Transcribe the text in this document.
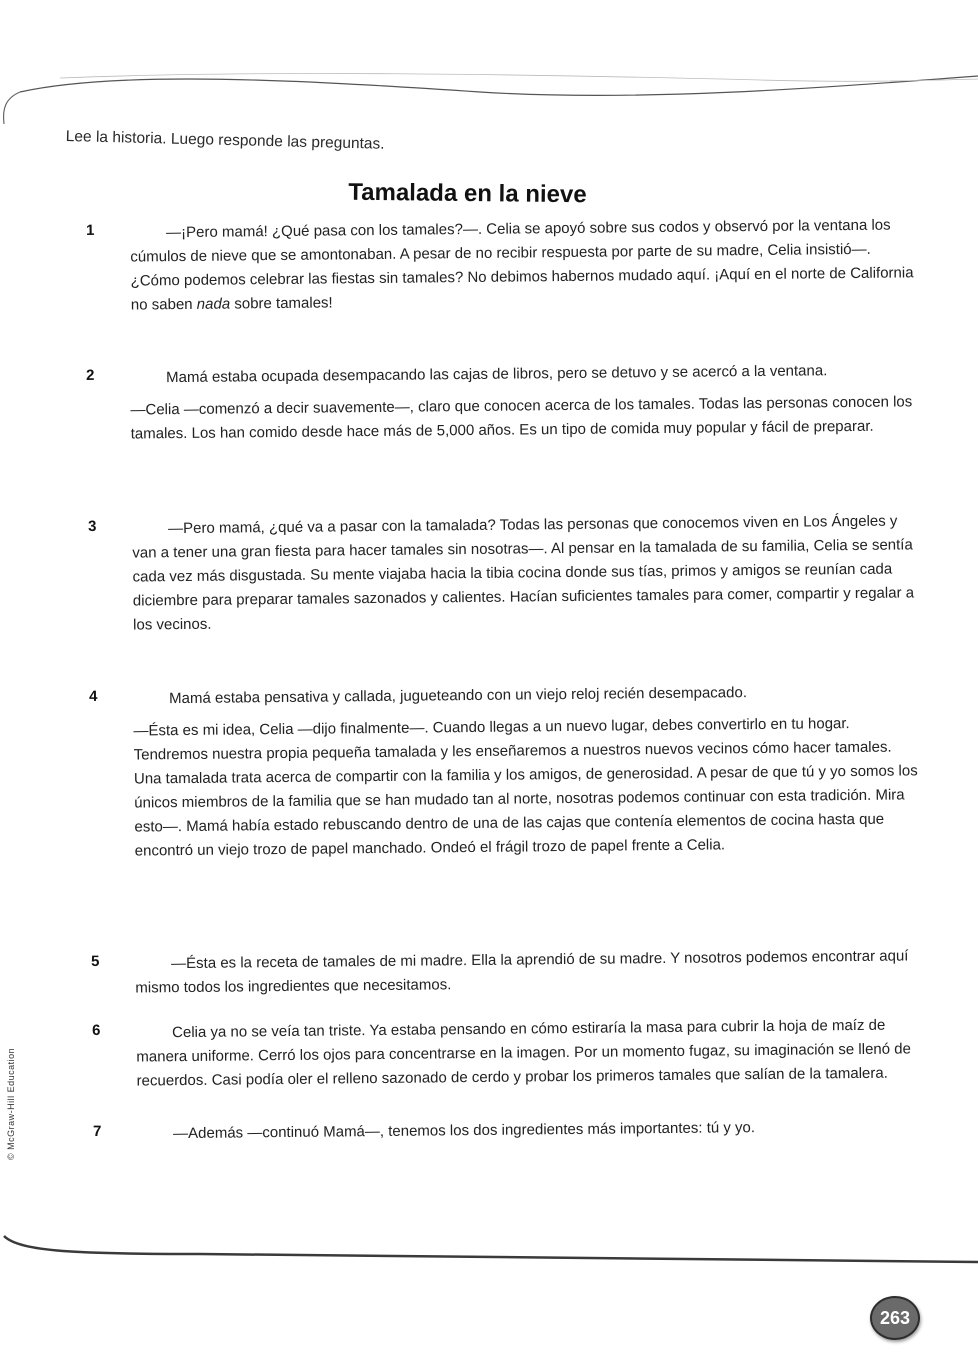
Lee la historia. Luego responde las preguntas.
Tamalada en la nieve
1	—¡Pero mamá! ¿Qué pasa con los tamales?—. Celia se apoyó sobre sus codos y observó por la ventana los cúmulos de nieve que se amontonaban. A pesar de no recibir respuesta por parte de su madre, Celia insistió—. ¿Cómo podemos celebrar las fiestas sin tamales? No debimos habernos mudado aquí. ¡Aquí en el norte de California no saben nada sobre tamales!

2	Mamá estaba ocupada desempacando las cajas de libros, pero se detuvo y se acercó a la ventana.

—Celia —comenzó a decir suavemente—, claro que conocen acerca de los tamales. Todas las personas conocen los tamales. Los han comido desde hace más de 5,000 años. Es un tipo de comida muy popular y fácil de preparar.

3	—Pero mamá, ¿qué va a pasar con la tamalada? Todas las personas que conocemos viven en Los Ángeles y van a tener una gran fiesta para hacer tamales sin nosotras—. Al pensar en la tamalada de su familia, Celia se sentía cada vez más disgustada. Su mente viajaba hacia la tibia cocina donde sus tías, primos y amigos se reunían cada diciembre para preparar tamales sazonados y calientes. Hacían suficientes tamales para comer, compartir y regalar a los vecinos.

4	Mamá estaba pensativa y callada, jugueteando con un viejo reloj recién desempacado.

—Ésta es mi idea, Celia —dijo finalmente—. Cuando llegas a un nuevo lugar, debes convertirlo en tu hogar. Tendremos nuestra propia pequeña tamalada y les enseñaremos a nuestros nuevos vecinos cómo hacer tamales. Una tamalada trata acerca de compartir con la familia y los amigos, de generosidad. A pesar de que tú y yo somos los únicos miembros de la familia que se han mudado tan al norte, nosotras podemos continuar con esta tradición. Mira esto—. Mamá había estado rebuscando dentro de una de las cajas que contenía elementos de cocina hasta que encontró un viejo trozo de papel manchado. Ondeó el frágil trozo de papel frente a Celia.

5	—Ésta es la receta de tamales de mi madre. Ella la aprendió de su madre. Y nosotros podemos encontrar aquí mismo todos los ingredientes que necesitamos.

6	Celia ya no se veía tan triste. Ya estaba pensando en cómo estiraría la masa para cubrir la hoja de maíz de manera uniforme. Cerró los ojos para concentrarse en la imagen. Por un momento fugaz, su imaginación se llenó de recuerdos. Casi podía oler el relleno sazonado de cerdo y probar los primeros tamales que salían de la tamalera.

7	—Además —continuó Mamá—, tenemos los dos ingredientes más importantes: tú y yo.

© McGraw-Hill Education
263
